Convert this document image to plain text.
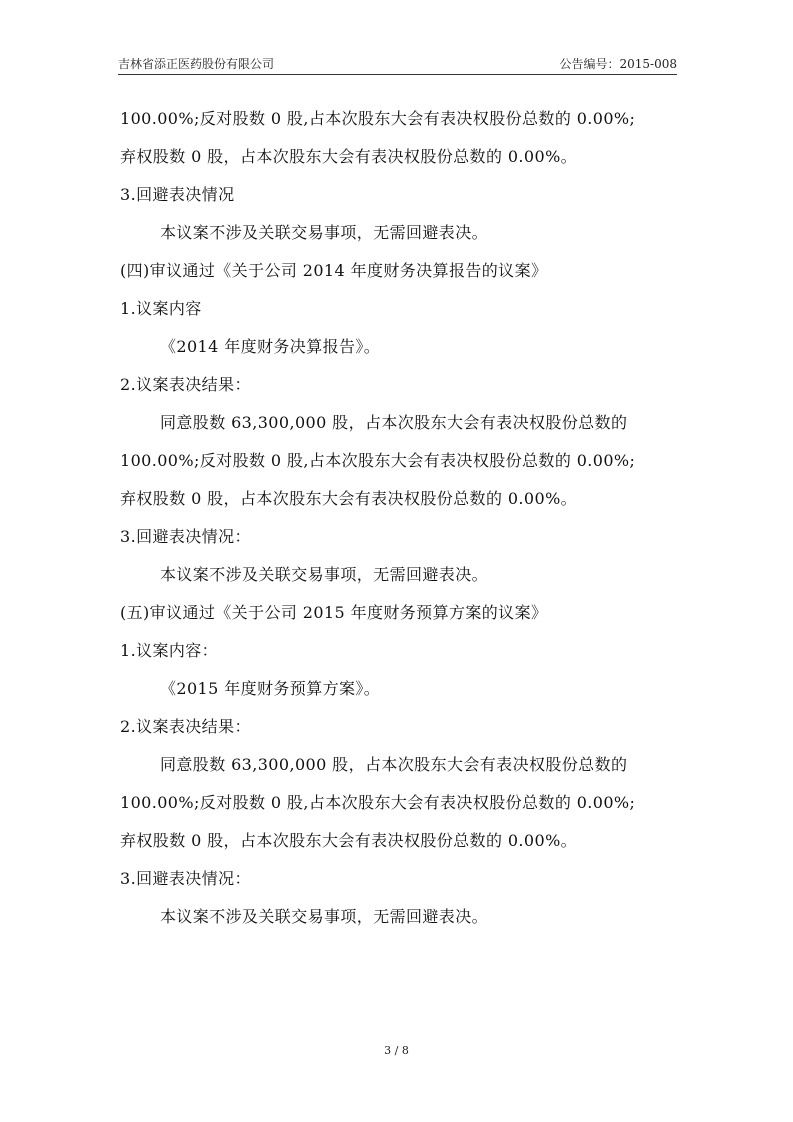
吉林省添正医药股份有限公司	公告编号：2015-008
100.00%;反对股数 0 股,占本次股东大会有表决权股份总数的 0.00%;
弃权股数 0 股，占本次股东大会有表决权股份总数的 0.00%。
3.回避表决情况
本议案不涉及关联交易事项，无需回避表决。
(四)审议通过《关于公司 2014 年度财务决算报告的议案》
1.议案内容
《2014 年度财务决算报告》。
2.议案表决结果：
同意股数 63,300,000 股，占本次股东大会有表决权股份总数的
100.00%;反对股数 0 股,占本次股东大会有表决权股份总数的 0.00%;
弃权股数 0 股，占本次股东大会有表决权股份总数的 0.00%。
3.回避表决情况：
本议案不涉及关联交易事项，无需回避表决。
(五)审议通过《关于公司 2015 年度财务预算方案的议案》
1.议案内容：
《2015 年度财务预算方案》。
2.议案表决结果：
同意股数 63,300,000 股，占本次股东大会有表决权股份总数的
100.00%;反对股数 0 股,占本次股东大会有表决权股份总数的 0.00%;
弃权股数 0 股，占本次股东大会有表决权股份总数的 0.00%。
3.回避表决情况：
本议案不涉及关联交易事项，无需回避表决。
3 / 8
